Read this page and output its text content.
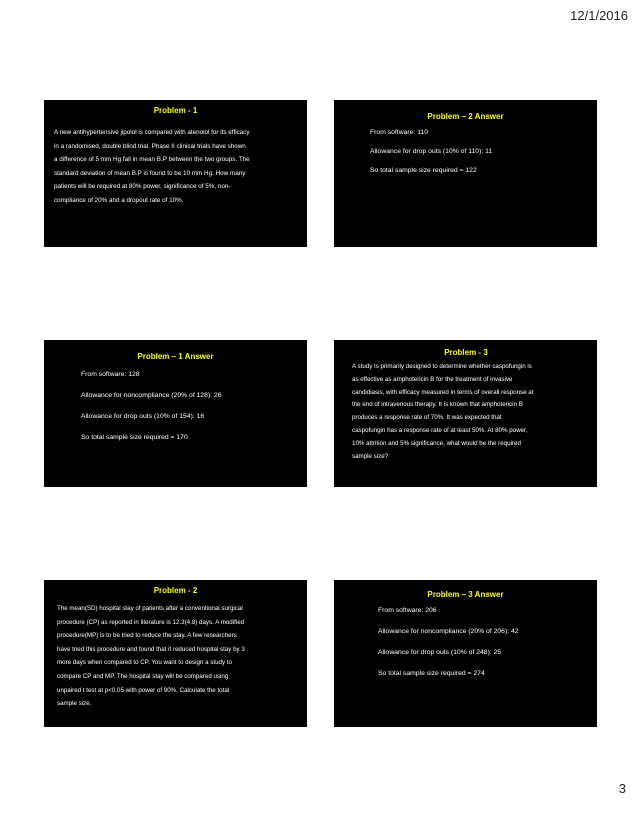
12/1/2016
Problem - 1
A new antihypertensive jipolol is compared with atenolol for its efficacy
in a randomised, double blind trial. Phase II clinical trials have shown
a difference of 5 mm Hg fall in mean B.P between the two groups. The
standard deviation of mean B.P is found to be 10 mm Hg. How many
patients will be required at 80% power, significance of 5%, non-
compliance of 20% and a dropout rate of 10%.
Problem – 2 Answer
From software: 110
Allowance for drop outs (10% of 110): 11
So total sample size required = 122
Problem – 1 Answer
From software: 128
Allowance for noncompliance (20% of 128): 26
Allowance for drop outs (10% of 154): 16
So total sample size required = 170
Problem - 3
A study Is primarily designed to determine whether caspofungin is
as effective as amphotericin B for the treatment of invasive
candidiasis, with efficacy measured in terms of overall response at
the end of intravenous therapy. It is known that amphotericin B
produces a response rate of 70%. It was expected that
caspofungin has a response rate of at least 50%. At 80% power,
10% attrition and 5% significance, what would be the required
sample size?
Problem - 2
The mean(SD) hospital stay of patients after a conventional surgical
procedure (CP) as reported in literature is 12.3(4.8) days. A modified
procedure(MP) is to be tried to reduce the stay. A few researchers
have tried this procedure and found that it reduced hospital stay by 3
more days when compared to CP. You want to design a study to
compare CP and MP. The hospital stay will be compared using
unpaired t test at p<0.05 with power of 90%. Calculate the total
sample size.
Problem – 3 Answer
From software: 206
Allowance for noncompliance (20% of 206): 42
Allowance for drop outs (10% of 248): 25
So total sample size required = 274
3
